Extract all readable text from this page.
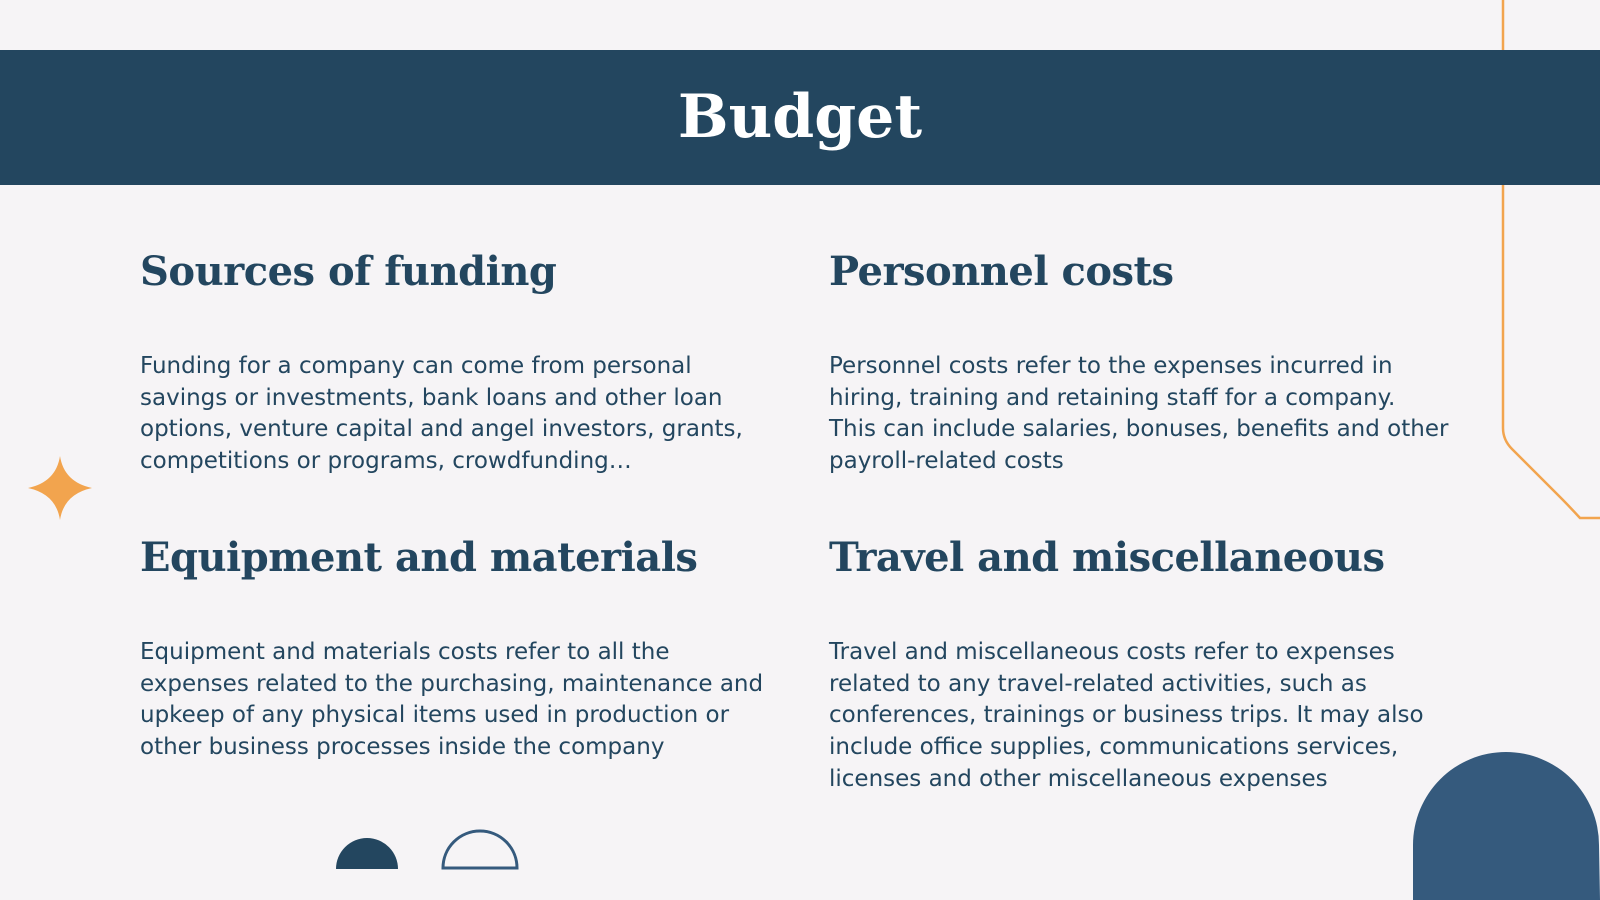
Budget
Sources of funding

Funding for a company can come from personal savings or investments, bank loans and other loan options, venture capital and angel investors, grants, competitions or programs, crowdfunding…

Personnel costs

Personnel costs refer to the expenses incurred in hiring, training and retaining staff for a company. This can include salaries, bonuses, benefits and other payroll-related costs

Equipment and materials

Equipment and materials costs refer to all the expenses related to the purchasing, maintenance and upkeep of any physical items used in production or other business processes inside the company

Travel and miscellaneous

Travel and miscellaneous costs refer to expenses related to any travel-related activities, such as conferences, trainings or business trips. It may also include office supplies, communications services, licenses and other miscellaneous expenses
